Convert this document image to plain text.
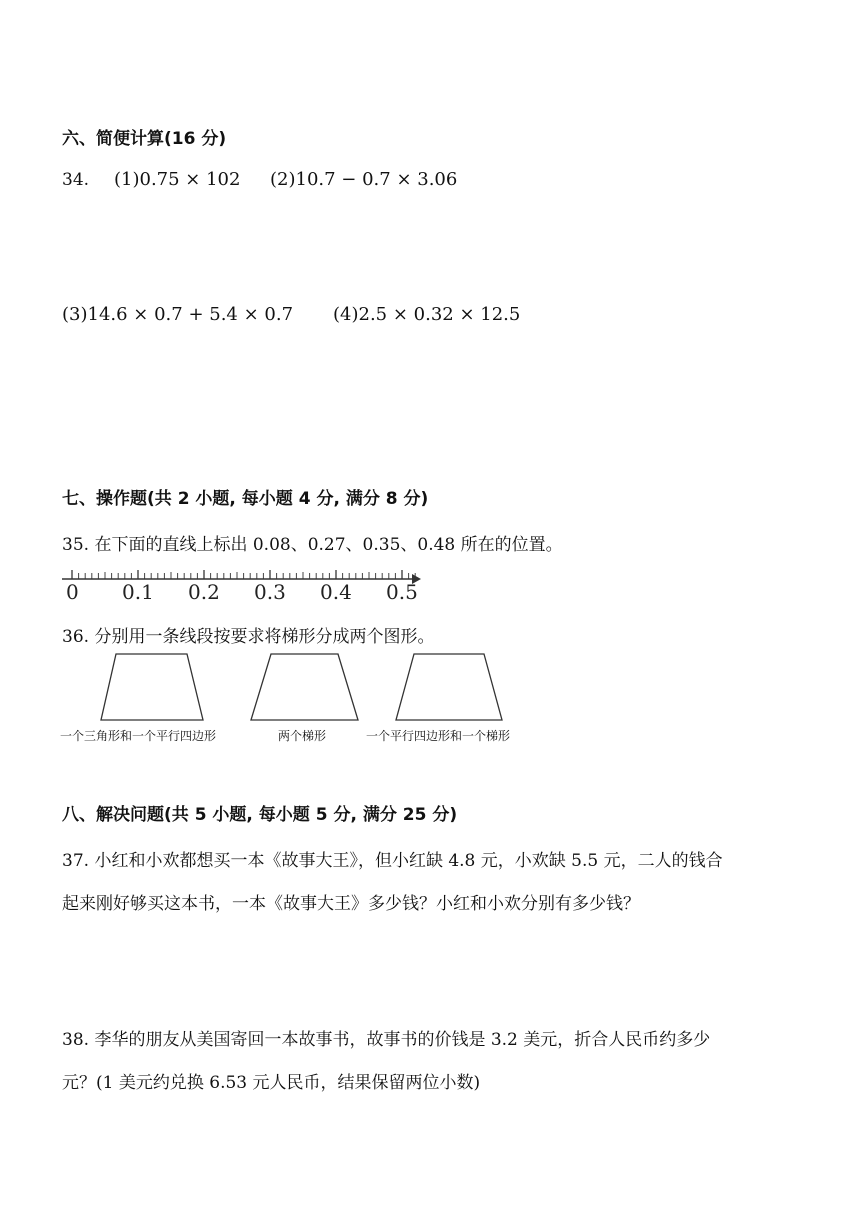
六、简便计算(16 分)
34. (1)0.75 × 102 (2)10.7 − 0.7 × 3.06
(3)14.6 × 0.7 + 5.4 × 0.7 (4)2.5 × 0.32 × 12.5
七、操作题(共 2 小题, 每小题 4 分, 满分 8 分)
35. 在下面的直线上标出 0.08、0.27、0.35、0.48 所在的位置。
0 0.1 0.2 0.3 0.4 0.5
36. 分别用一条线段按要求将梯形分成两个图形。
一个三角形和一个平行四边形	两个梯形	一个平行四边形和一个梯形
八、解决问题(共 5 小题, 每小题 5 分, 满分 25 分)
37. 小红和小欢都想买一本《故事大王》，但小红缺 4.8 元，小欢缺 5.5 元，二人的钱合
起来刚好够买这本书，一本《故事大王》多少钱？小红和小欢分别有多少钱？
38. 李华的朋友从美国寄回一本故事书，故事书的价钱是 3.2 美元，折合人民币约多少
元？(1 美元约兑换 6.53 元人民币，结果保留两位小数)
